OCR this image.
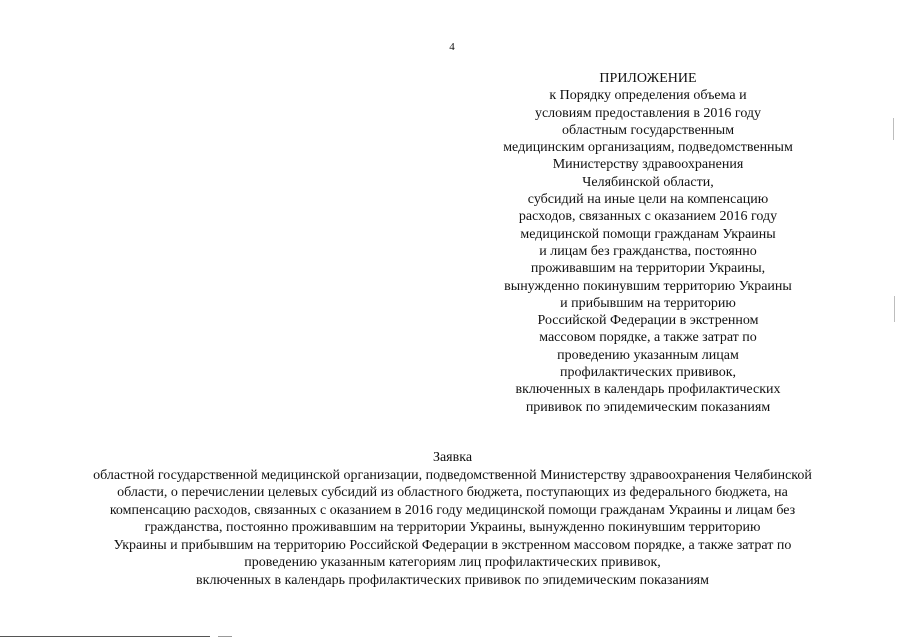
4
ПРИЛОЖЕНИЕ
к Порядку определения объема и
условиям предоставления в 2016 году
областным государственным
медицинским организациям, подведомственным
Министерству здравоохранения
Челябинской области,
субсидий на иные цели на компенсацию
расходов, связанных с оказанием 2016 году
медицинской помощи гражданам Украины
и лицам без гражданства, постоянно
проживавшим на территории Украины,
вынужденно покинувшим территорию Украины
и прибывшим на территорию
Российской Федерации в экстренном
массовом порядке, а также затрат по
проведению указанным лицам
профилактических прививок,
включенных в календарь профилактических
прививок по эпидемическим показаниям
Заявка
областной государственной медицинской организации, подведомственной Министерству здравоохранения Челябинской
области, о перечислении целевых субсидий из областного бюджета, поступающих из федерального бюджета, на
компенсацию расходов, связанных с оказанием в 2016 году медицинской помощи гражданам Украины и лицам без
гражданства, постоянно проживавшим на территории Украины, вынужденно покинувшим территорию
Украины и прибывшим на территорию Российской Федерации в экстренном массовом порядке, а также затрат по
проведению указанным категориям лиц профилактических прививок,
включенных в календарь профилактических прививок по эпидемическим показаниям
